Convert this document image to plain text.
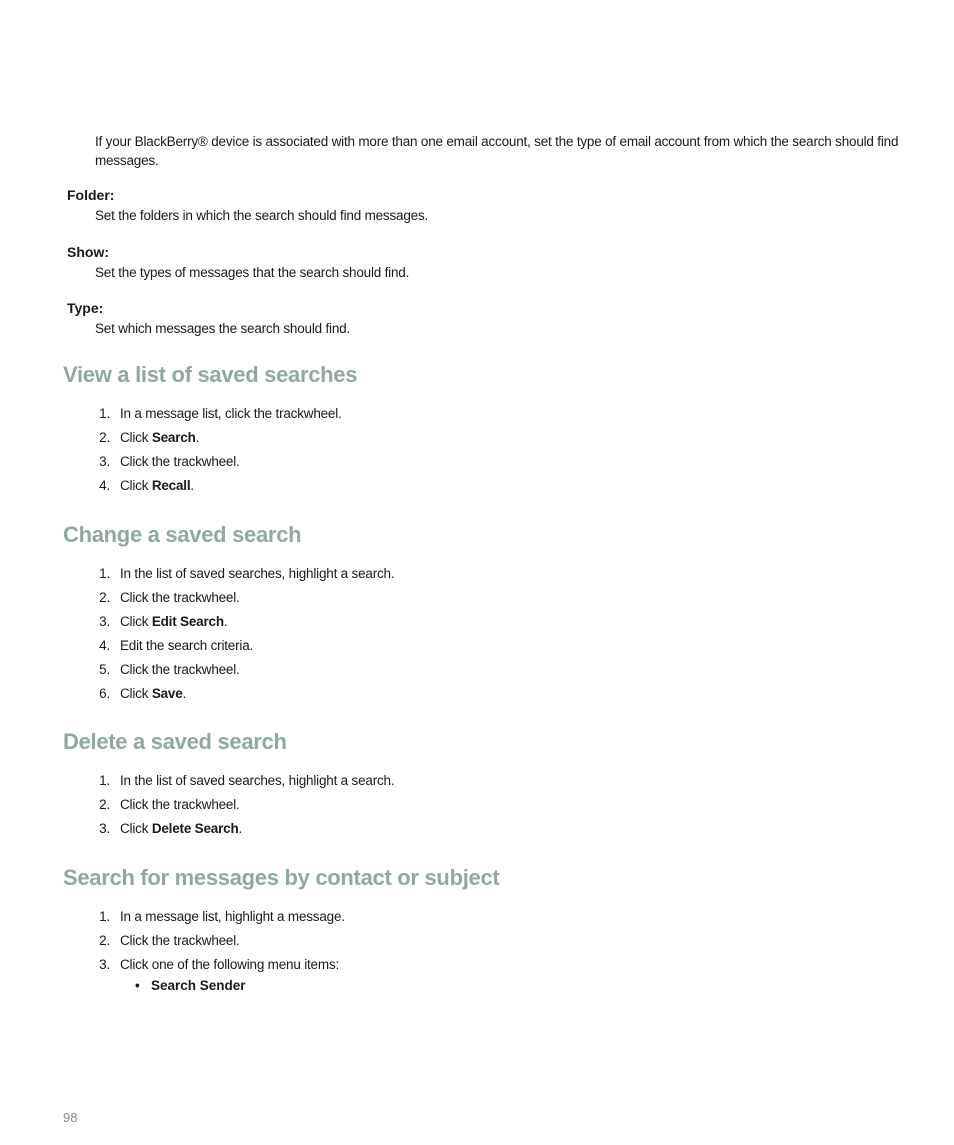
If your BlackBerry® device is associated with more than one email account, set the type of email account from which the search should find messages.

Folder:

Set the folders in which the search should find messages.

Show:

Set the types of messages that the search should find.

Type:

Set which messages the search should find.

View a list of saved searches
1. In a message list, click the trackwheel.
2. Click Search.
3. Click the trackwheel.
4. Click Recall.
Change a saved search
1. In the list of saved searches, highlight a search.
2. Click the trackwheel.
3. Click Edit Search.
4. Edit the search criteria.
5. Click the trackwheel.
6. Click Save.
Delete a saved search
1. In the list of saved searches, highlight a search.
2. Click the trackwheel.
3. Click Delete Search.
Search for messages by contact or subject
1. In a message list, highlight a message.
2. Click the trackwheel.
3. Click one of the following menu items:

• Search Sender

98
